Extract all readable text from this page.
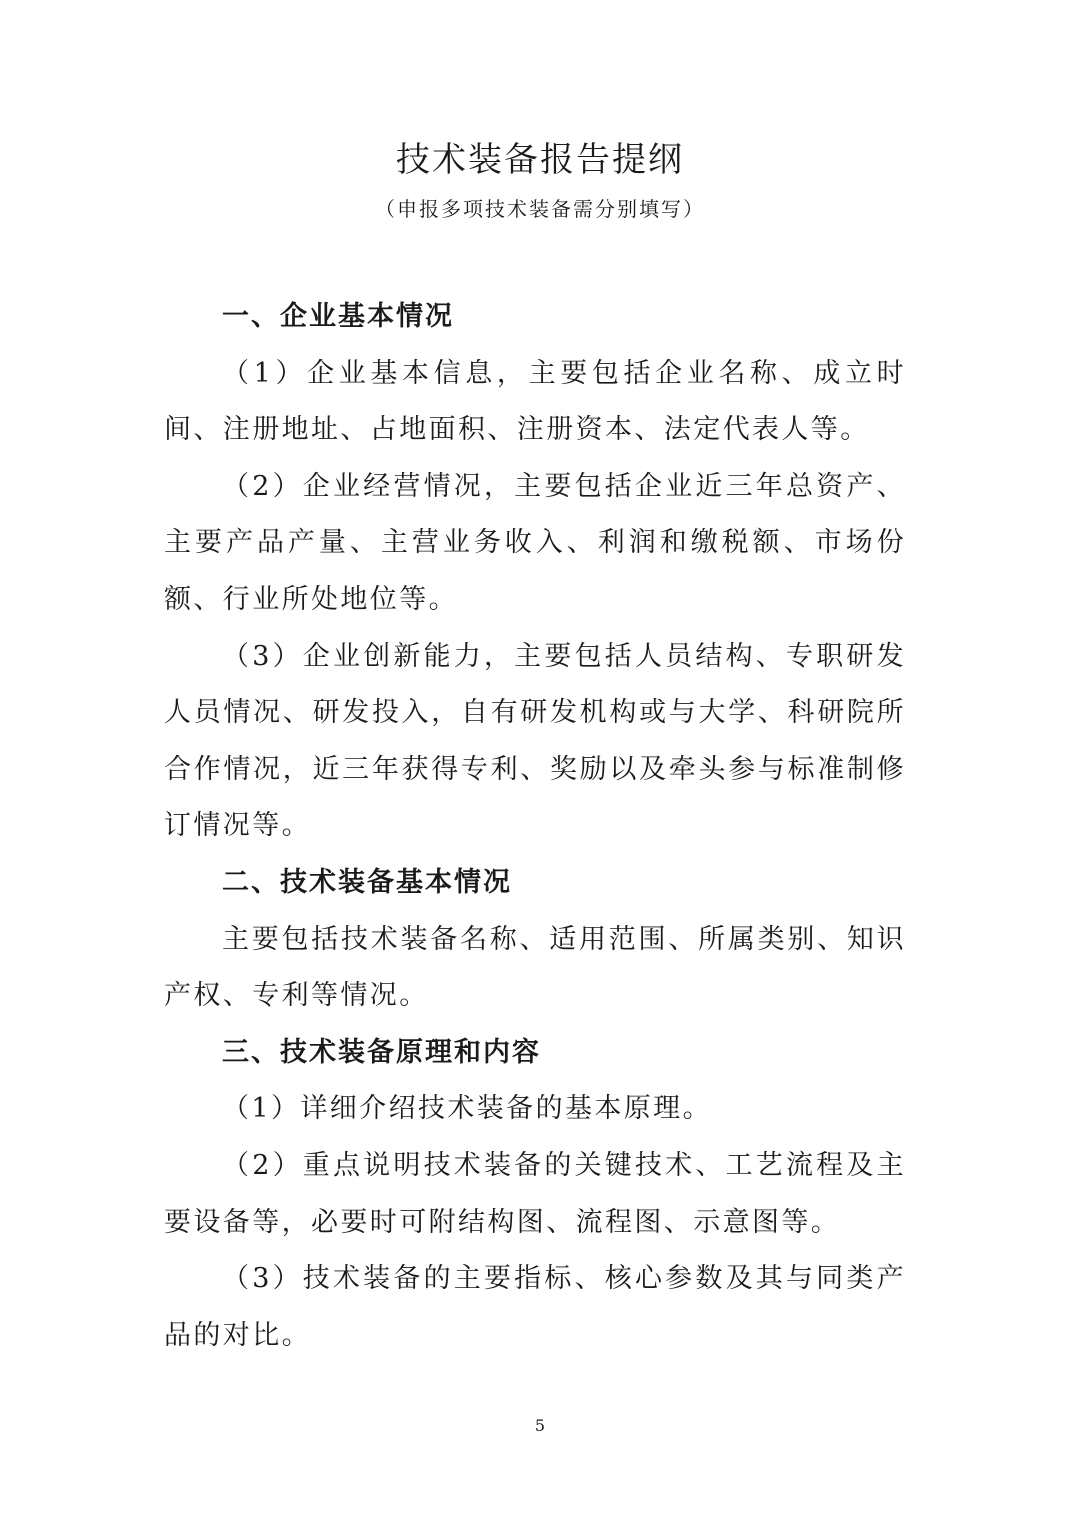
技术装备报告提纲

（申报多项技术装备需分别填写）

一、企业基本情况

（1）企业基本信息，主要包括企业名称、成立时间、注册地址、占地面积、注册资本、法定代表人等。

（2）企业经营情况，主要包括企业近三年总资产、主要产品产量、主营业务收入、利润和缴税额、市场份额、行业所处地位等。

（3）企业创新能力，主要包括人员结构、专职研发人员情况、研发投入，自有研发机构或与大学、科研院所合作情况，近三年获得专利、奖励以及牵头参与标准制修订情况等。

二、技术装备基本情况

主要包括技术装备名称、适用范围、所属类别、知识产权、专利等情况。

三、技术装备原理和内容

（1）详细介绍技术装备的基本原理。

（2）重点说明技术装备的关键技术、工艺流程及主要设备等，必要时可附结构图、流程图、示意图等。

（3）技术装备的主要指标、核心参数及其与同类产品的对比。

5
